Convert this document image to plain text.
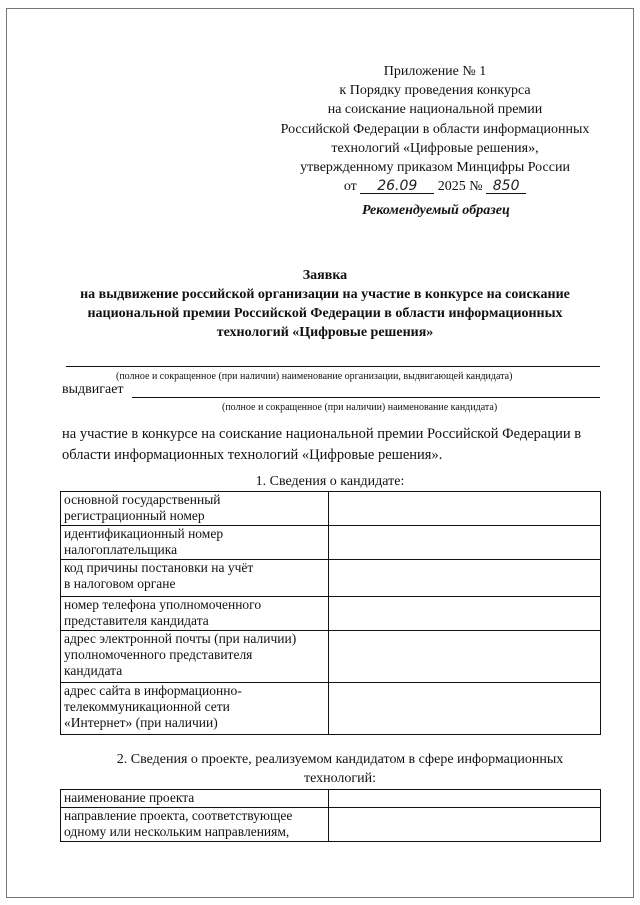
Приложение № 1
к Порядку проведения конкурса
на соискание национальной премии
Российской Федерации в области информационных
технологий «Цифровые решения»,
утвержденному приказом Минцифры России
от 26.09 2025 № 850
Рекомендуемый образец
Заявка
на выдвижение российской организации на участие в конкурсе на соискание
национальной премии Российской Федерации в области информационных
технологий «Цифровые решения»
(полное и сокращенное (при наличии) наименование организации, выдвигающей кандидата)
выдвигает
(полное и сокращенное (при наличии) наименование кандидата)
на участие в конкурсе на соискание национальной премии Российской Федерации в
области информационных технологий «Цифровые решения».
1. Сведения о кандидате:
основной государственный
регистрационный номер	

идентификационный номер
налогоплательщика	

код причины постановки на учёт
в налоговом органе	

номер телефона уполномоченного
представителя кандидата	

адрес электронной почты (при наличии)
уполномоченного представителя
кандидата	

адрес сайта в информационно-
телекоммуникационной сети
«Интернет» (при наличии)	

2. Сведения о проекте, реализуемом кандидатом в сфере информационных
технологий:
наименование проекта	

направление проекта, соответствующее
одному или нескольким направлениям,	
